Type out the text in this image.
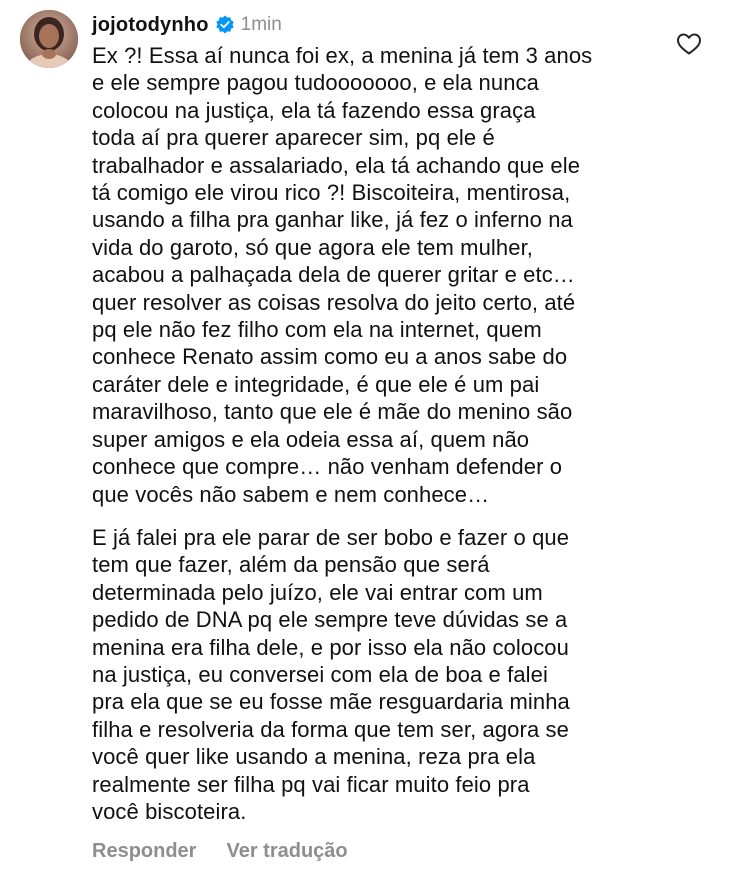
jojotodynho 1min

Ex ?! Essa aí nunca foi ex, a menina já tem 3 anos
e ele sempre pagou tudooooooo, e ela nunca
colocou na justiça, ela tá fazendo essa graça
toda aí pra querer aparecer sim, pq ele é
trabalhador e assalariado, ela tá achando que ele
tá comigo ele virou rico ?! Biscoiteira, mentirosa,
usando a filha pra ganhar like, já fez o inferno na
vida do garoto, só que agora ele tem mulher,
acabou a palhaçada dela de querer gritar e etc…
quer resolver as coisas resolva do jeito certo, até
pq ele não fez filho com ela na internet, quem
conhece Renato assim como eu a anos sabe do
caráter dele e integridade, é que ele é um pai
maravilhoso, tanto que ele é mãe do menino são
super amigos e ela odeia essa aí, quem não
conhece que compre… não venham defender o
que vocês não sabem e nem conhece…

E já falei pra ele parar de ser bobo e fazer o que
tem que fazer, além da pensão que será
determinada pelo juízo, ele vai entrar com um
pedido de DNA pq ele sempre teve dúvidas se a
menina era filha dele, e por isso ela não colocou
na justiça, eu conversei com ela de boa e falei
pra ela que se eu fosse mãe resguardaria minha
filha e resolveria da forma que tem ser, agora se
você quer like usando a menina, reza pra ela
realmente ser filha pq vai ficar muito feio pra
você biscoteira.

Responder Ver tradução
